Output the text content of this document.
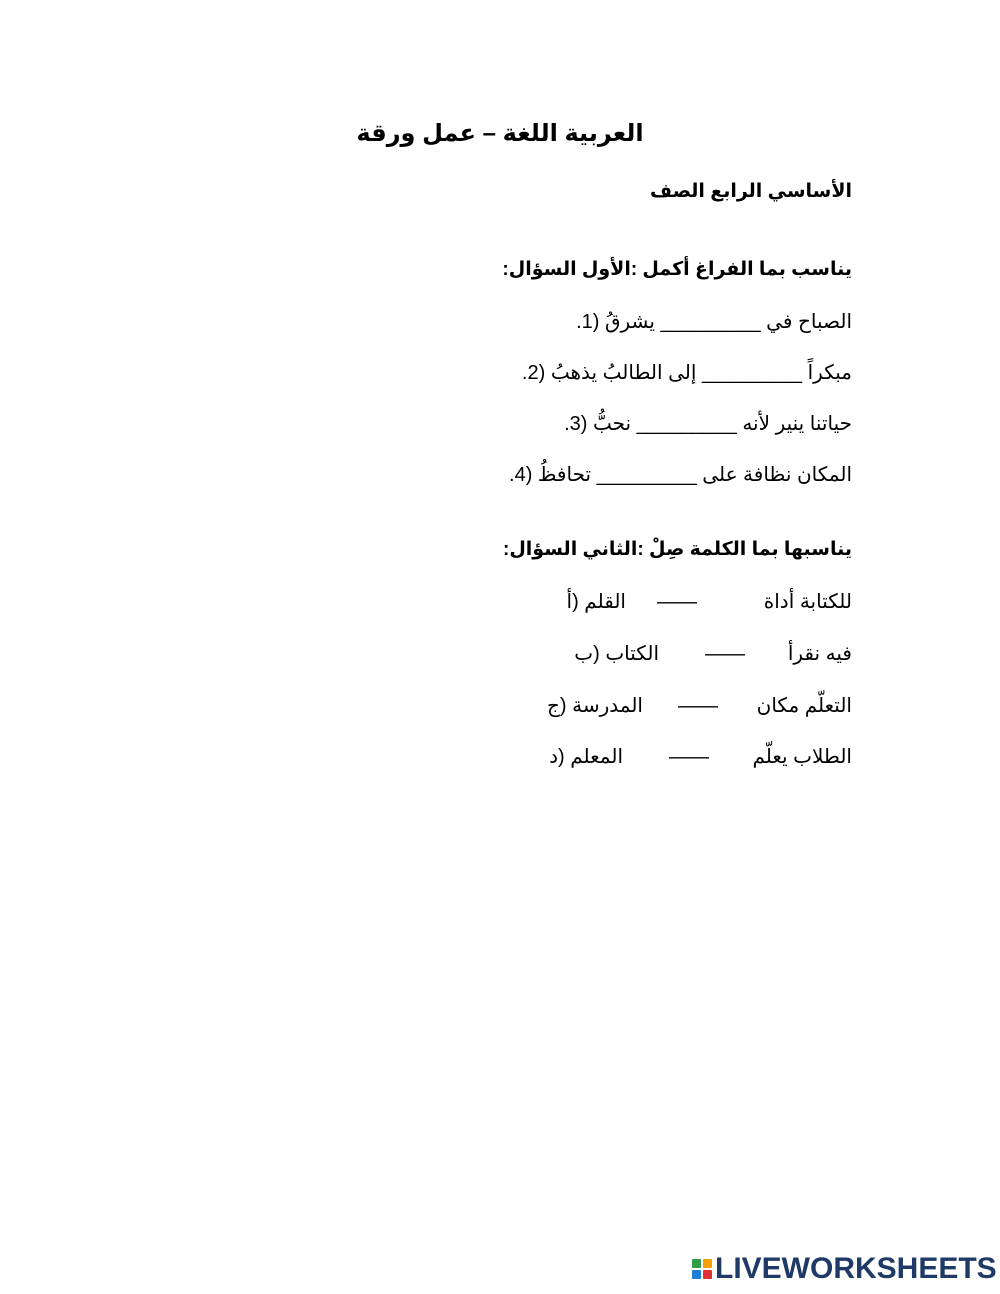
العربية اللغة – عمل ورقة
الأساسي الرابع الصف
:يناسب بما الفراغ أكمل :الأول السؤال
.الصباح في _________ يشرقُ (1
.مبكراً _________ إلى الطالبُ يذهبُ (2
.حياتنا ينير لأنه _________ نحبُّ (3
.المكان نظافة على _________ تحافظُ (4
:يناسبها بما الكلمة صِلْ :الثاني السؤال
للكتابة أداة
——
القلم (أ
فيه نقرأ
——
الكتاب (ب
التعلّم مكان
——
المدرسة (ج
الطلاب يعلّم
——
المعلم (د
LIVEWORKSHEETS
